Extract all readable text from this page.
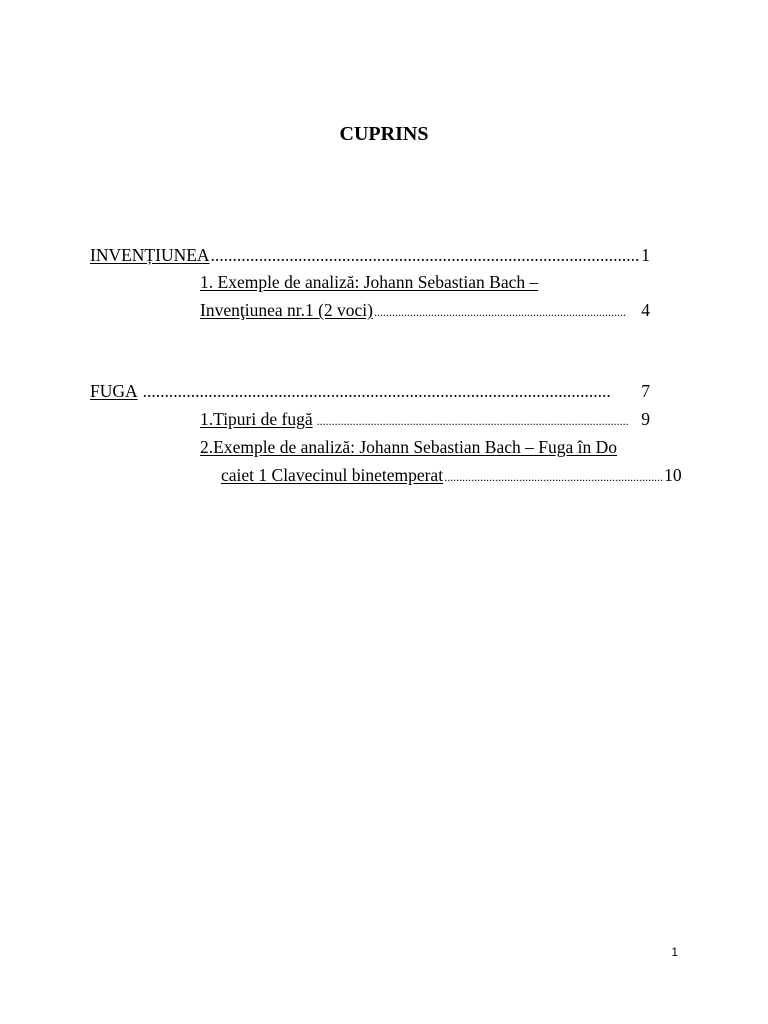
CUPRINS
INVENȚIUNEA .................................................................................................. 1
1. Exemple de analiză: Johann Sebastian Bach –
Invenţiunea nr.1 (2 voci) .................................................................................... 4
FUGA ...........................................................................................................	7
1.Tipuri de fugă ........................................................................................................ 9
2.Exemple de analiză: Johann Sebastian Bach – Fuga în Do
caiet 1 Clavecinul binetemperat ......................................................................... 10
1
